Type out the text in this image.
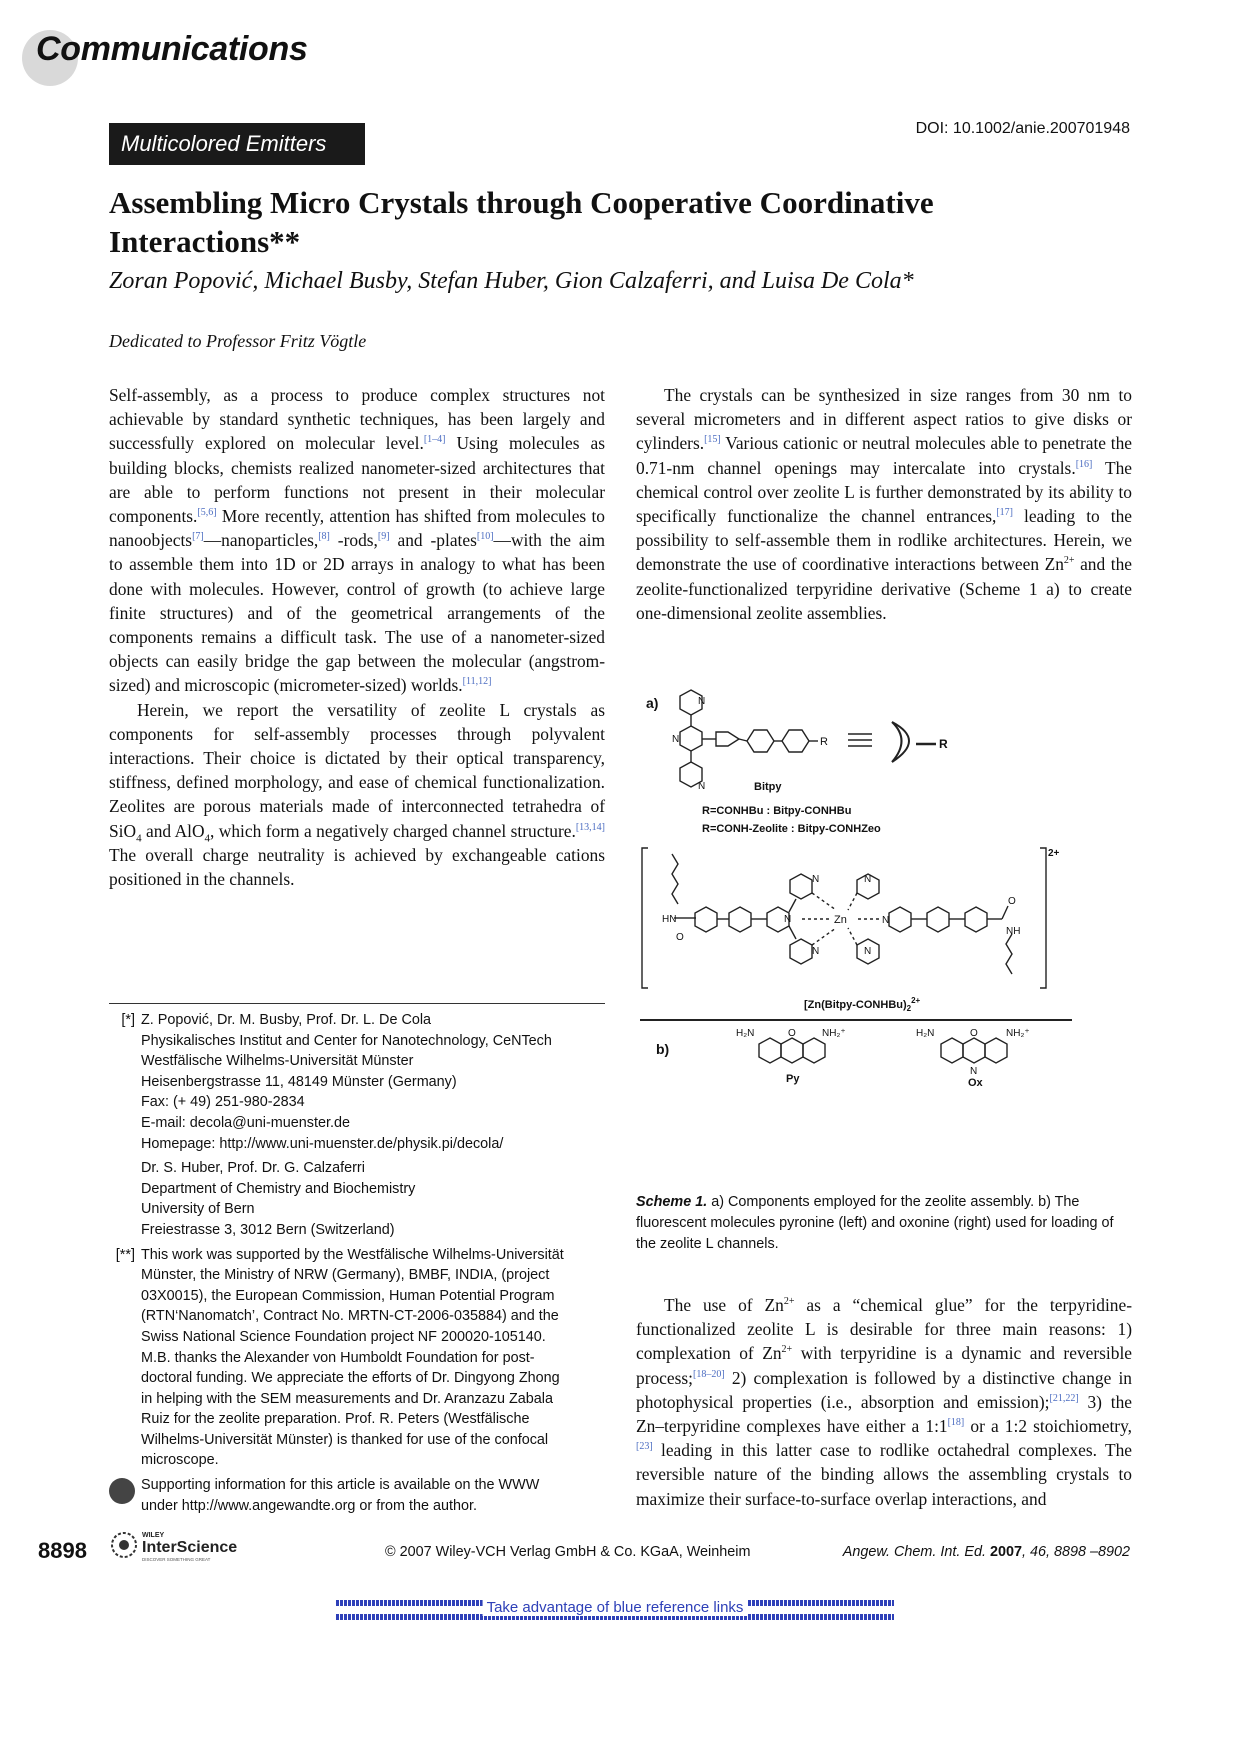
Communications
Multicolored Emitters
DOI: 10.1002/anie.200701948
Assembling Micro Crystals through Cooperative Coordinative
Interactions**
Zoran Popović, Michael Busby, Stefan Huber, Gion Calzaferri, and Luisa De Cola*
Dedicated to Professor Fritz Vögtle

Self-assembly, as a process to produce complex structures not achievable by standard synthetic techniques, has been largely and successfully explored on molecular level.[1–4] Using molecules as building blocks, chemists realized nanometer-sized architectures that are able to perform functions not present in their molecular components.[5,6] More recently, attention has shifted from molecules to nanoobjects[7]—nanoparticles,[8] -rods,[9] and -plates[10]—with the aim to assemble them into 1D or 2D arrays in analogy to what has been done with molecules. However, control of growth (to achieve large finite structures) and of the geometrical arrangements of the components remains a difficult task. The use of a nanometer-sized objects can easily bridge the gap between the molecular (angstrom-sized) and microscopic (micrometer-sized) worlds.[11,12]

Herein, we report the versatility of zeolite L crystals as components for self-assembly processes through polyvalent interactions. Their choice is dictated by their optical transparency, stiffness, defined morphology, and ease of chemical functionalization. Zeolites are porous materials made of interconnected tetrahedra of SiO$_4$ and AlO$_4$, which form a negatively charged channel structure.[13,14] The overall charge neutrality is achieved by exchangeable cations positioned in the channels.

The crystals can be synthesized in size ranges from 30 nm to several micrometers and in different aspect ratios to give disks or cylinders.[15] Various cationic or neutral molecules able to penetrate the 0.71-nm channel openings may intercalate into crystals.[16] The chemical control over zeolite L is further demonstrated by its ability to specifically functionalize the channel entrances,[17] leading to the possibility to self-assemble them in rodlike architectures. Herein, we demonstrate the use of coordinative interactions between $Zn^{2+}$ and the zeolite-functionalized terpyridine derivative (Scheme 1 a) to create one-dimensional zeolite assemblies.

a)	N
N
N
R
Bitpy
R
R=CONHBu : Bitpy-CONHBu
R=CONH-Zeolite : Bitpy-CONHZeo
HN
O
N	Zn	N
N
N
N
N
O
NH
2+
[$Zn(Bitpy-CONHBu)_2^{2+}$
b)
H₂N	NH₂⁺
O
Py
H₂N	NH₂⁺
O
N
Ox
Scheme 1. a) Components employed for the zeolite assembly. b) The fluorescent molecules pyronine (left) and oxonine (right) used for loading of the zeolite L channels.

The use of $Zn^{2+}$ as a “chemical glue” for the terpyridine-functionalized zeolite L is desirable for three main reasons: 1) complexation of $Zn^{2+}$ with terpyridine is a dynamic and reversible process;[18–20] 2) complexation is followed by a distinctive change in photophysical properties (i.e., absorption and emission);[21,22] 3) the Zn–terpyridine complexes have either a 1:1[18] or a 1:2 stoichiometry,[23] leading in this latter case to rodlike octahedral complexes. The reversible nature of the binding allows the assembling crystals to maximize their surface-to-surface overlap interactions, and

[*] Z. Popović, Dr. M. Busby, Prof. Dr. L. De Cola
Physikalisches Institut and Center for Nanotechnology, CeNTech
Westfälische Wilhelms-Universität Münster
Heisenbergstrasse 11, 48149 Münster (Germany)
Fax: (+ 49) 251-980-2834
E-mail: decola@uni-muenster.de
Homepage: http://www.uni-muenster.de/physik.pi/decola/
Dr. S. Huber, Prof. Dr. G. Calzaferri
Department of Chemistry and Biochemistry
University of Bern
Freiestrasse 3, 3012 Bern (Switzerland)
[**] This work was supported by the Westfälische Wilhelms-Universität
Münster, the Ministry of NRW (Germany), BMBF, INDIA, (project
03X0015), the European Commission, Human Potential Program
(RTN‘Nanomatch’, Contract No. MRTN-CT-2006-035884) and the
Swiss National Science Foundation project NF 200020-105140.
M.B. thanks the Alexander von Humboldt Foundation for post-
doctoral funding. We appreciate the efforts of Dr. Dingyong Zhong
in helping with the SEM measurements and Dr. Aranzazu Zabala
Ruiz for the zeolite preparation. Prof. R. Peters (Westfälische
Wilhelms-Universität Münster) is thanked for use of the confocal
microscope.
Supporting information for this article is available on the WWW
under http://www.angewandte.org or from the author.
8898
WILEY
InterScience
DISCOVER SOMETHING GREAT	© 2007 Wiley-VCH Verlag GmbH & Co. KGaA, Weinheim	Angew. Chem. Int. Ed. 2007, 46, 8898 –8902
Take advantage of blue reference links
